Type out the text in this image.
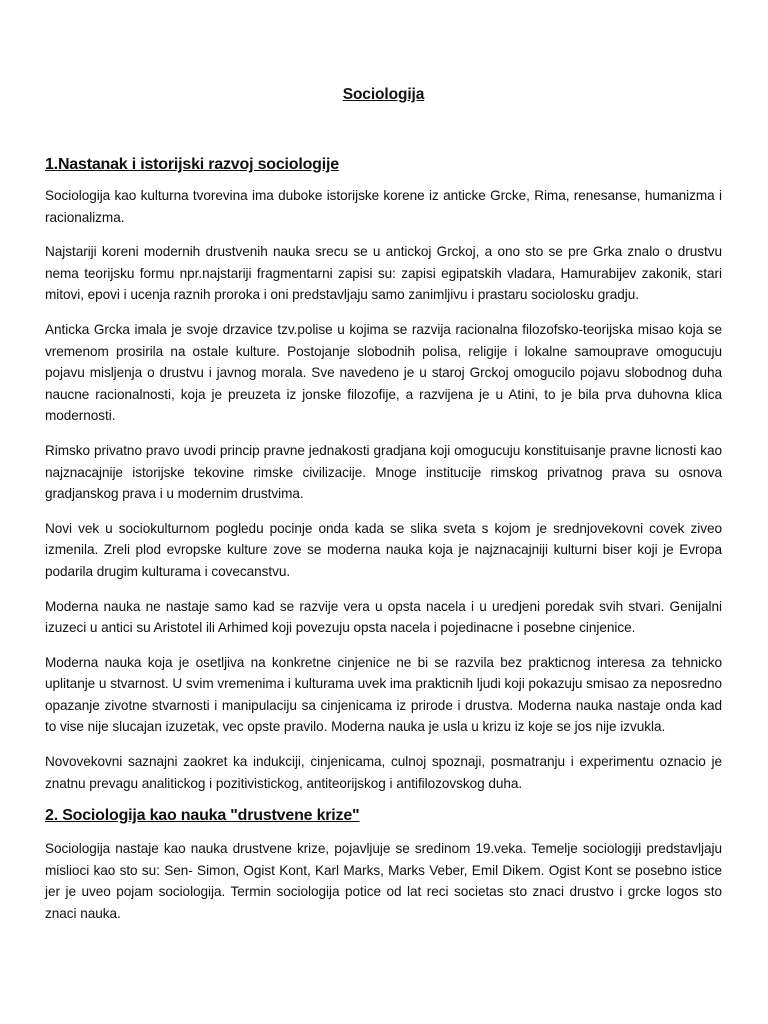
Sociologija
1.Nastanak i istorijski razvoj sociologije

Sociologija kao kulturna tvorevina ima duboke istorijske korene iz anticke Grcke, Rima, renesanse, humanizma i racionalizma.

Najstariji koreni modernih drustvenih nauka srecu se u antickoj Grckoj, a ono sto se pre Grka znalo o drustvu nema teorijsku formu npr.najstariji fragmentarni zapisi su: zapisi egipatskih vladara, Hamurabijev zakonik, stari mitovi, epovi i ucenja raznih proroka i oni predstavljaju samo zanimljivu i prastaru sociolosku gradju.

Anticka Grcka imala je svoje drzavice tzv.polise u kojima se razvija racionalna filozofsko-teorijska misao koja se vremenom prosirila na ostale kulture. Postojanje slobodnih polisa, religije i lokalne samouprave omogucuju pojavu misljenja o drustvu i javnog morala. Sve navedeno je u staroj Grckoj omogucilo pojavu slobodnog duha naucne racionalnosti, koja je preuzeta iz jonske filozofije, a razvijena je u Atini, to je bila prva duhovna klica modernosti.

Rimsko privatno pravo uvodi princip pravne jednakosti gradjana koji omogucuju konstituisanje pravne licnosti kao najznacajnije istorijske tekovine rimske civilizacije. Mnoge institucije rimskog privatnog prava su osnova gradjanskog prava i u modernim drustvima.

Novi vek u sociokulturnom pogledu pocinje onda kada se slika sveta s kojom je srednjovekovni covek ziveo izmenila. Zreli plod evropske kulture zove se moderna nauka koja je najznacajniji kulturni biser koji je Evropa podarila drugim kulturama i covecanstvu.

Moderna nauka ne nastaje samo kad se razvije vera u opsta nacela i u uredjeni poredak svih stvari. Genijalni izuzeci u antici su Aristotel ili Arhimed koji povezuju opsta nacela i pojedinacne i posebne cinjenice.

Moderna nauka koja je osetljiva na konkretne cinjenice ne bi se razvila bez prakticnog interesa za tehnicko uplitanje u stvarnost. U svim vremenima i kulturama uvek ima prakticnih ljudi koji pokazuju smisao za neposredno opazanje zivotne stvarnosti i manipulaciju sa cinjenicama iz prirode i drustva. Moderna nauka nastaje onda kad to vise nije slucajan izuzetak, vec opste pravilo. Moderna nauka je usla u krizu iz koje se jos nije izvukla.

Novovekovni saznajni zaokret ka indukciji, cinjenicama, culnoj spoznaji, posmatranju i experimentu oznacio je znatnu prevagu analitickog i pozitivistickog, antiteorijskog i antifilozovskog duha.

2. Sociologija kao nauka "drustvene krize"

Sociologija nastaje kao nauka drustvene krize, pojavljuje se sredinom 19.veka. Temelje sociologiji predstavljaju mislioci kao sto su: Sen- Simon, Ogist Kont, Karl Marks, Marks Veber, Emil Dikem. Ogist Kont se posebno istice jer je uveo pojam sociologija. Termin sociologija potice od lat reci societas sto znaci drustvo i grcke logos sto znaci nauka.
